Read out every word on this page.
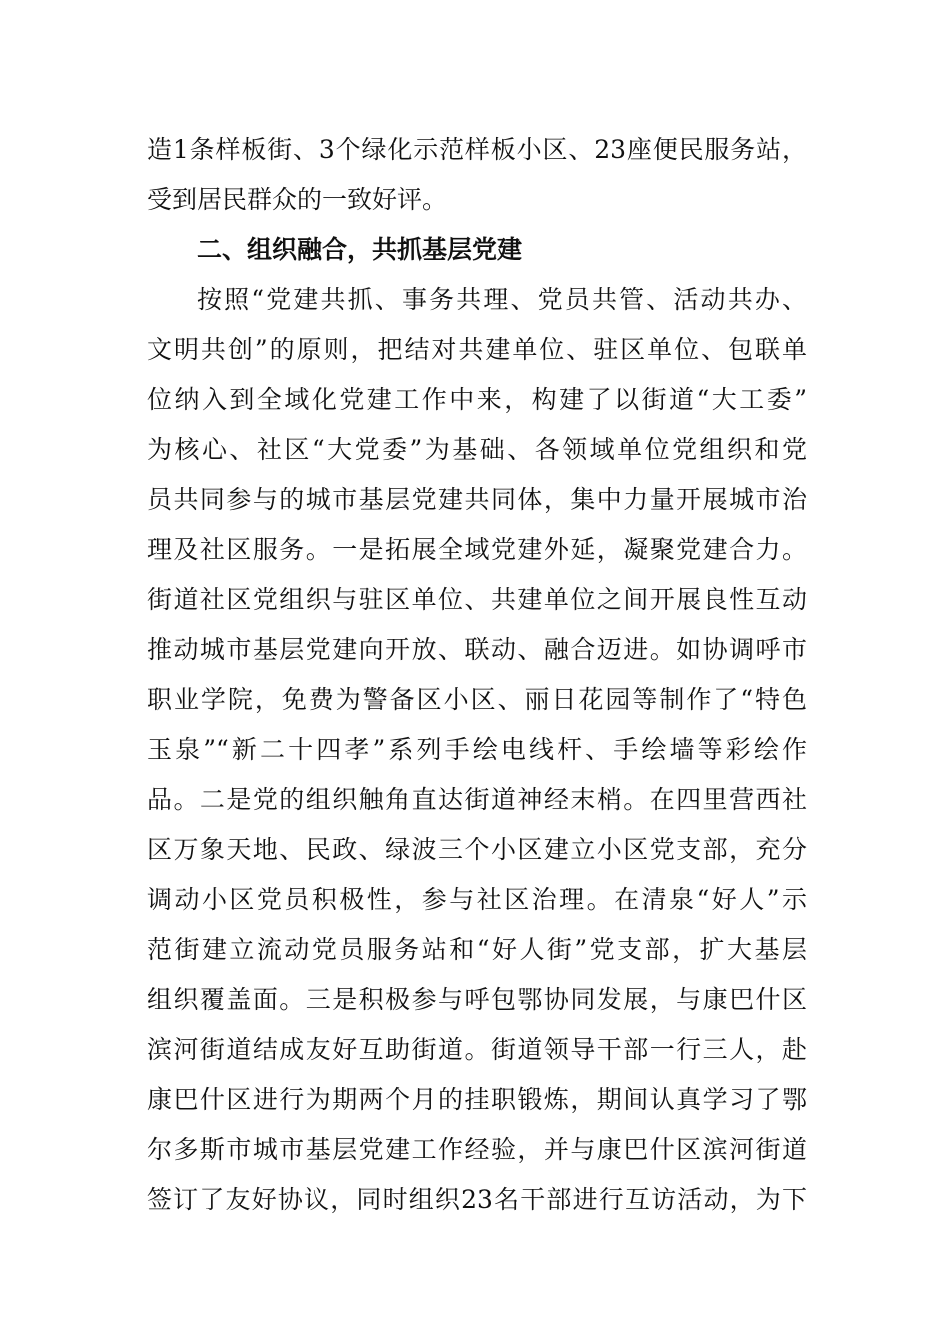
造1条样板街、3个绿化示范样板小区、23座便民服务站，
受到居民群众的一致好评。
二、组织融合，共抓基层党建
按照“党建共抓、事务共理、党员共管、活动共办、
文明共创”的原则，把结对共建单位、驻区单位、包联单
位纳入到全域化党建工作中来，构建了以街道“大工委”
为核心、社区“大党委”为基础、各领域单位党组织和党
员共同参与的城市基层党建共同体，集中力量开展城市治
理及社区服务。一是拓展全域党建外延，凝聚党建合力。
街道社区党组织与驻区单位、共建单位之间开展良性互动
推动城市基层党建向开放、联动、融合迈进。如协调呼市
职业学院，免费为警备区小区、丽日花园等制作了“特色
玉泉”“新二十四孝”系列手绘电线杆、手绘墙等彩绘作
品。二是党的组织触角直达街道神经末梢。在四里营西社
区万象天地、民政、绿波三个小区建立小区党支部，充分
调动小区党员积极性，参与社区治理。在清泉“好人”示
范街建立流动党员服务站和“好人街”党支部，扩大基层
组织覆盖面。三是积极参与呼包鄂协同发展，与康巴什区
滨河街道结成友好互助街道。街道领导干部一行三人，赴
康巴什区进行为期两个月的挂职锻炼，期间认真学习了鄂
尔多斯市城市基层党建工作经验，并与康巴什区滨河街道
签订了友好协议，同时组织23名干部进行互访活动，为下
